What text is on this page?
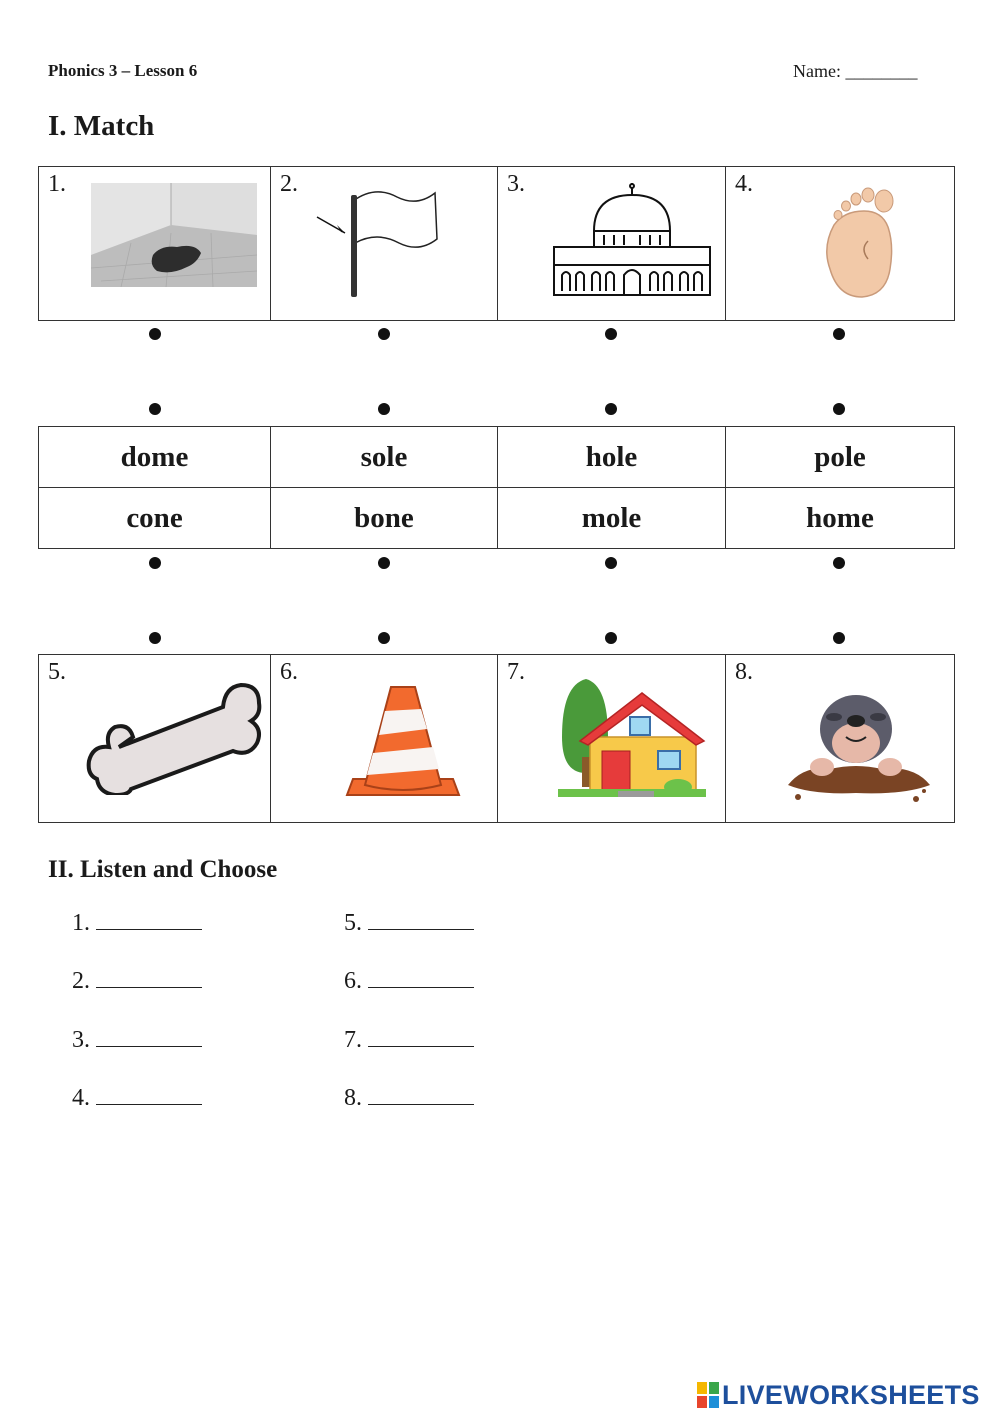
Phonics 3 – Lesson 6	Name: ________
I. Match
1.	2.	3.	4.
dome	sole	hole	pole
cone	bone	mole	home
5.	6.	7.	8.
II. Listen and Choose
1.
2.
3.
4.
5.
6.
7.
8.
LIVEWORKSHEETS
